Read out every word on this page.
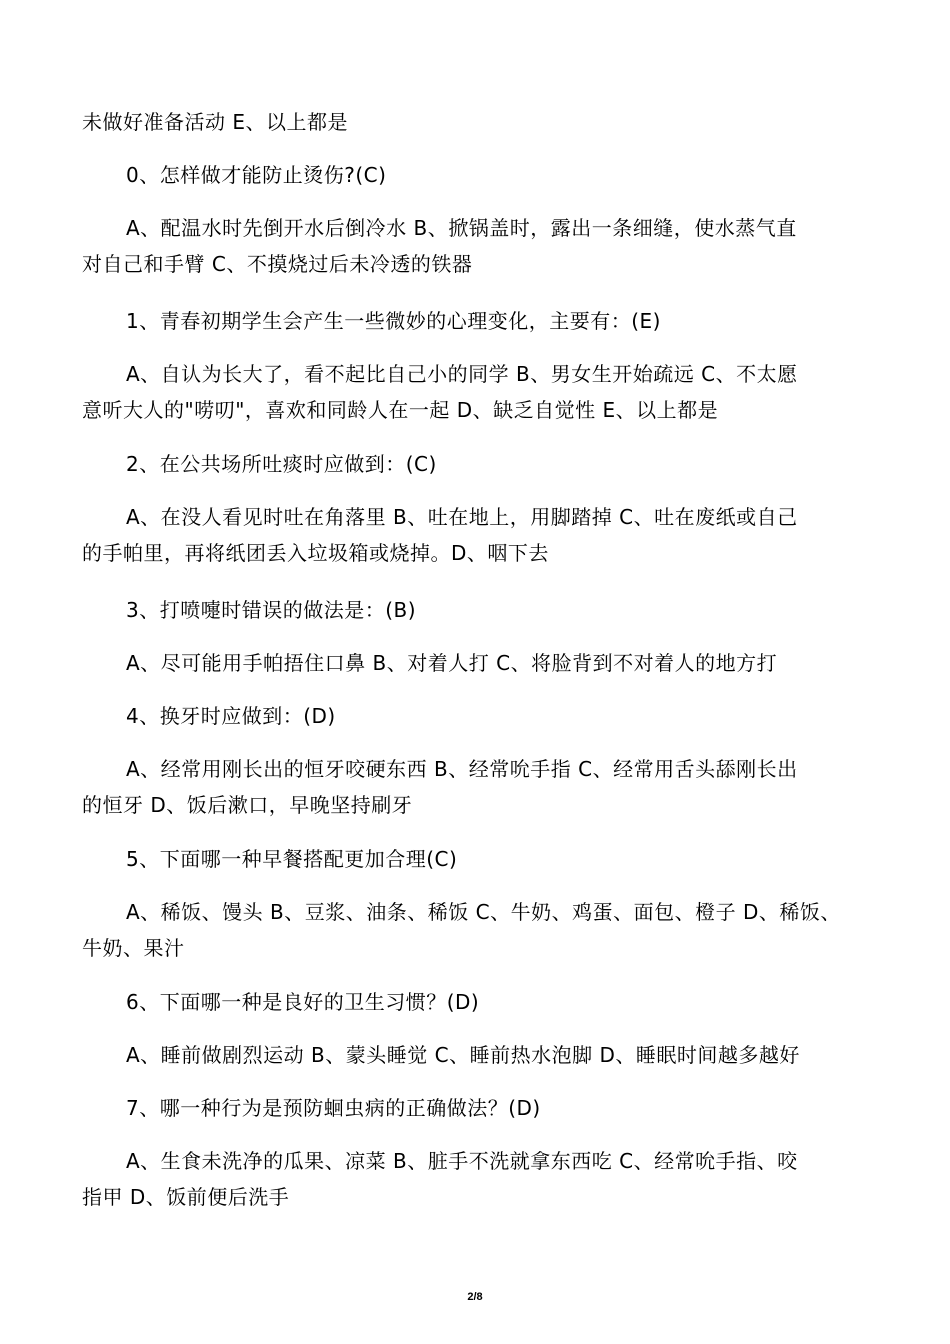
未做好准备活动 E、以上都是
0、怎样做才能防止烫伤?(C)
A、配温水时先倒开水后倒冷水 B、掀锅盖时，露出一条细缝，使水蒸气直
对自己和手臂 C、不摸烧过后未冷透的铁器
1、青春初期学生会产生一些微妙的心理变化，主要有：(E)
A、自认为长大了，看不起比自己小的同学 B、男女生开始疏远 C、不太愿
意听大人的"唠叨"，喜欢和同龄人在一起 D、缺乏自觉性 E、以上都是
2、在公共场所吐痰时应做到：(C)
A、在没人看见时吐在角落里 B、吐在地上，用脚踏掉 C、吐在废纸或自己
的手帕里，再将纸团丢入垃圾箱或烧掉。D、咽下去
3、打喷嚏时错误的做法是：(B)
A、尽可能用手帕捂住口鼻 B、对着人打 C、将脸背到不对着人的地方打
4、换牙时应做到：(D)
A、经常用刚长出的恒牙咬硬东西 B、经常吮手指 C、经常用舌头舔刚长出
的恒牙 D、饭后漱口，早晚坚持刷牙
5、下面哪一种早餐搭配更加合理(C)
A、稀饭、馒头 B、豆浆、油条、稀饭 C、牛奶、鸡蛋、面包、橙子 D、稀饭、
牛奶、果汁
6、下面哪一种是良好的卫生习惯？(D)
A、睡前做剧烈运动 B、蒙头睡觉 C、睡前热水泡脚 D、睡眠时间越多越好
7、哪一种行为是预防蛔虫病的正确做法？(D)
A、生食未洗净的瓜果、凉菜 B、脏手不洗就拿东西吃 C、经常吮手指、咬
指甲 D、饭前便后洗手
2/8
